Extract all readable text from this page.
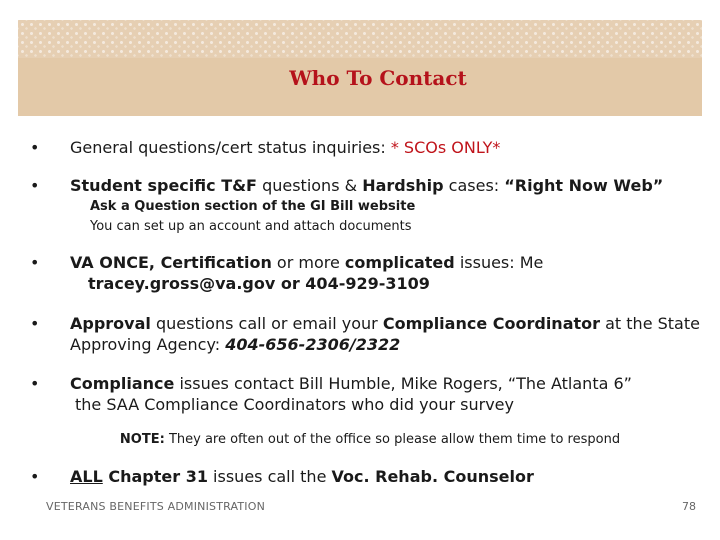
Who To Contact
•	General questions/cert status inquiries: * SCOs ONLY*
•	Student specific T&F questions & Hardship cases: “Right Now Web”
Ask a Question section of the GI Bill website
You can set up an account and attach documents
•	VA ONCE, Certification or more complicated issues: Me
tracey.gross@va.gov or 404-929-3109
•	Approval questions call or email your Compliance Coordinator at the State
Approving Agency: 404-656-2306/2322
•	Compliance issues contact Bill Humble, Mike Rogers, “The Atlanta 6”
the SAA Compliance Coordinators who did your survey
NOTE: They are often out of the office so please allow them time to respond
•	ALL Chapter 31 issues call the Voc. Rehab. Counselor
VETERANS BENEFITS ADMINISTRATION	78
